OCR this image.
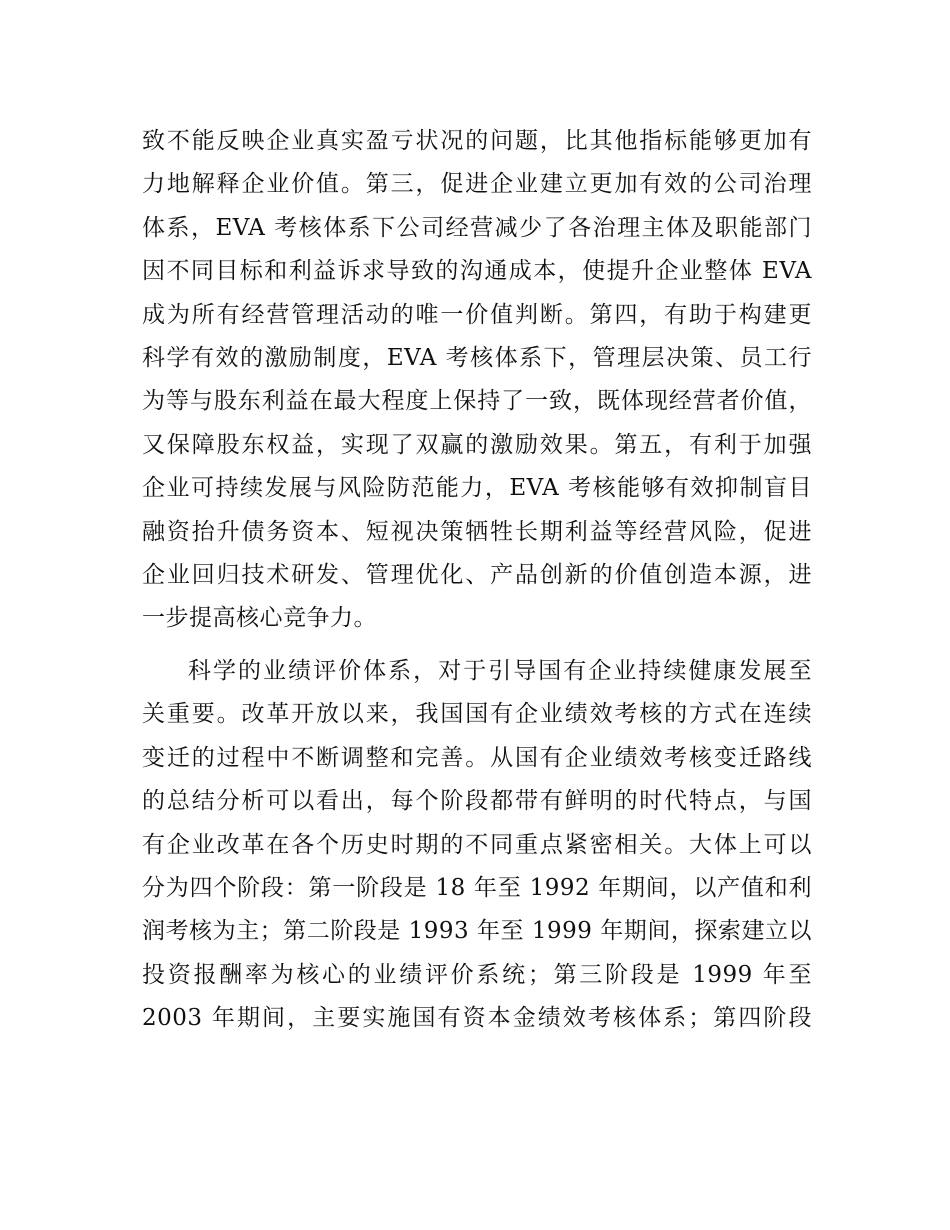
致不能反映企业真实盈亏状况的问题，比其他指标能够更加有
力地解释企业价值。第三，促进企业建立更加有效的公司治理
体系，EVA 考核体系下公司经营减少了各治理主体及职能部门
因不同目标和利益诉求导致的沟通成本，使提升企业整体 EVA
成为所有经营管理活动的唯一价值判断。第四，有助于构建更
科学有效的激励制度，EVA 考核体系下，管理层决策、员工行
为等与股东利益在最大程度上保持了一致，既体现经营者价值，
又保障股东权益，实现了双赢的激励效果。第五，有利于加强
企业可持续发展与风险防范能力，EVA 考核能够有效抑制盲目
融资抬升债务资本、短视决策牺牲长期利益等经营风险，促进
企业回归技术研发、管理优化、产品创新的价值创造本源，进
一步提高核心竞争力。
科学的业绩评价体系，对于引导国有企业持续健康发展至
关重要。改革开放以来，我国国有企业绩效考核的方式在连续
变迁的过程中不断调整和完善。从国有企业绩效考核变迁路线
的总结分析可以看出，每个阶段都带有鲜明的时代特点，与国
有企业改革在各个历史时期的不同重点紧密相关。大体上可以
分为四个阶段：第一阶段是 18 年至 1992 年期间，以产值和利
润考核为主；第二阶段是 1993 年至 1999 年期间，探索建立以
投资报酬率为核心的业绩评价系统；第三阶段是 1999 年至
2003 年期间，主要实施国有资本金绩效考核体系；第四阶段
